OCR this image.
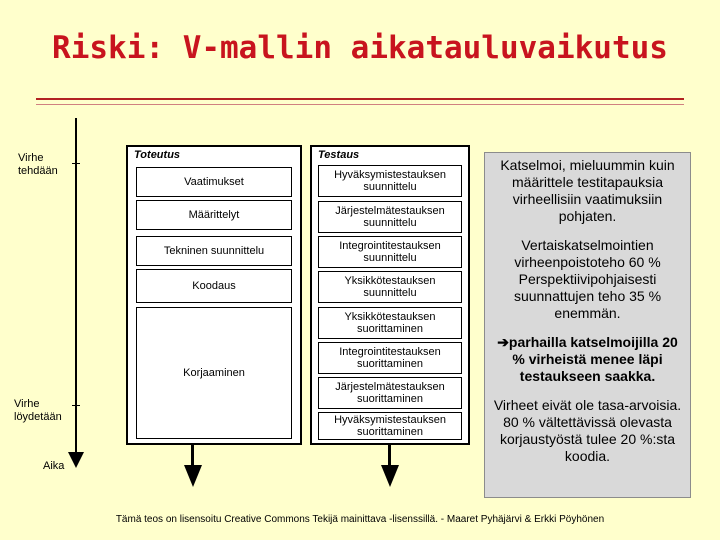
Riski: V-mallin aikatauluvaikutus
Virhe
tehdään
Virhe
löydetään
Aika
Toteutus
Vaatimukset
Määrittelyt
Tekninen suunnittelu
Koodaus
Korjaaminen
Testaus
Hyväksymistestauksen suunnittelu
Järjestelmätestauksen suunnittelu
Integrointitestauksen suunnittelu
Yksikkötestauksen suunnittelu
Yksikkötestauksen suorittaminen
Integrointitestauksen suorittaminen
Järjestelmätestauksen suorittaminen
Hyväksymistestauksen suorittaminen

Katselmoi, mieluummin kuin määrittele testitapauksia virheellisiin vaatimuksiin pohjaten.

Vertaiskatselmointien virheenpoistoteho 60 % Perspektiivipohjaisesti suunnattujen teho 35 % enemmän.

➔parhailla katselmoijilla 20 % virheistä menee läpi testaukseen saakka.

Virheet eivät ole tasa-arvoisia. 80 % vältettävissä olevasta korjaustyöstä tulee 20 %:sta koodia.

Tämä teos on lisensoitu Creative Commons Tekijä mainittava -lisenssillä. - Maaret Pyhäjärvi & Erkki Pöyhönen
